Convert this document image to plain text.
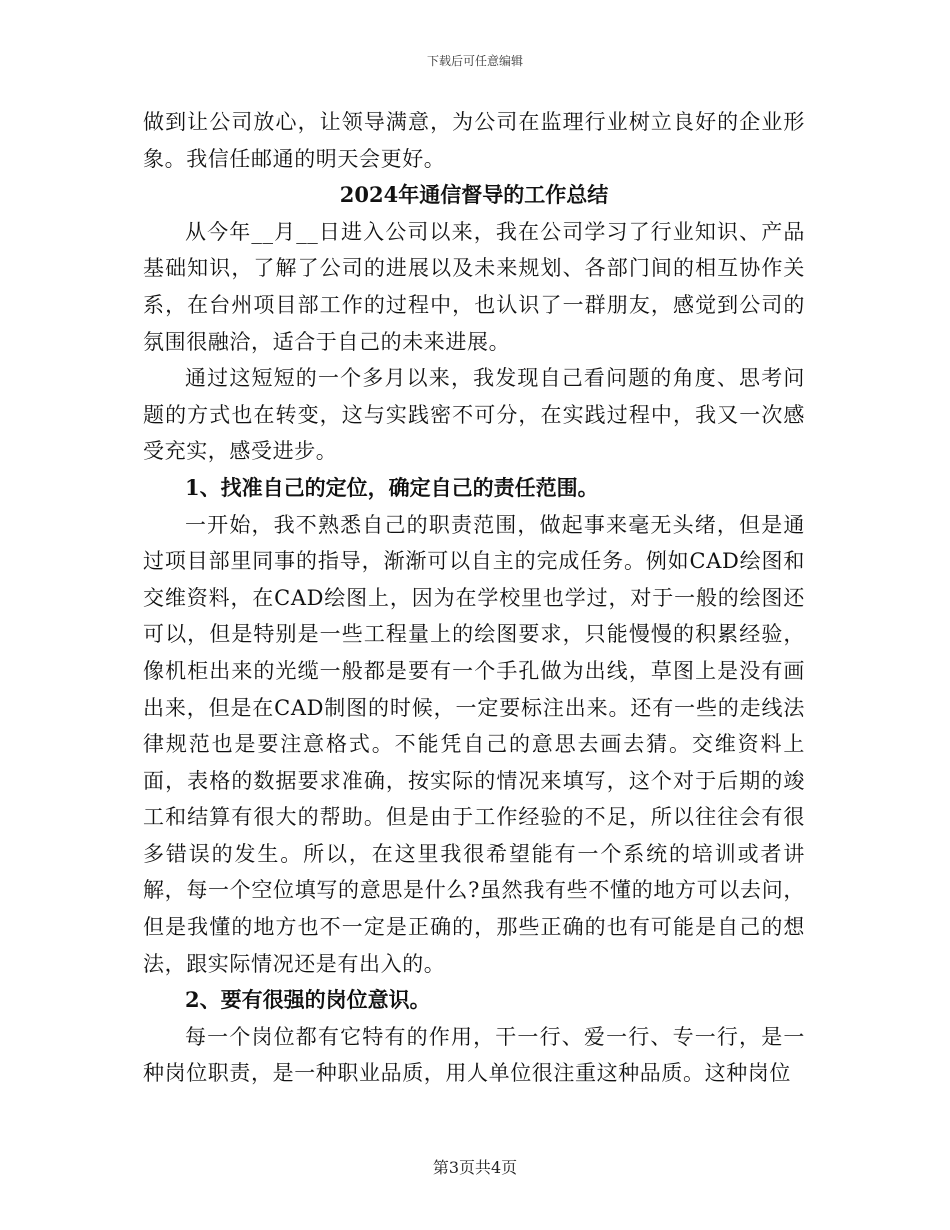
下载后可任意编辑

做到让公司放心，让领导满意，为公司在监理行业树立良好的企业形象。我信任邮通的明天会更好。

2024年通信督导的工作总结

从今年__月__日进入公司以来，我在公司学习了行业知识、产品基础知识，了解了公司的进展以及未来规划、各部门间的相互协作关系，在台州项目部工作的过程中，也认识了一群朋友，感觉到公司的氛围很融洽，适合于自己的未来进展。

通过这短短的一个多月以来，我发现自己看问题的角度、思考问题的方式也在转变，这与实践密不可分，在实践过程中，我又一次感受充实，感受进步。

1、找准自己的定位，确定自己的责任范围。

一开始，我不熟悉自己的职责范围，做起事来毫无头绪，但是通过项目部里同事的指导，渐渐可以自主的完成任务。例如CAD绘图和交维资料，在CAD绘图上，因为在学校里也学过，对于一般的绘图还可以，但是特别是一些工程量上的绘图要求，只能慢慢的积累经验，像机柜出来的光缆一般都是要有一个手孔做为出线，草图上是没有画出来，但是在CAD制图的时候，一定要标注出来。还有一些的走线法律规范也是要注意格式。不能凭自己的意思去画去猜。交维资料上面，表格的数据要求准确，按实际的情况来填写，这个对于后期的竣工和结算有很大的帮助。但是由于工作经验的不足，所以往往会有很多错误的发生。所以，在这里我很希望能有一个系统的培训或者讲解，每一个空位填写的意思是什么?虽然我有些不懂的地方可以去问，但是我懂的地方也不一定是正确的，那些正确的也有可能是自己的想法，跟实际情况还是有出入的。

2、要有很强的岗位意识。

每一个岗位都有它特有的作用，干一行、爱一行、专一行，是一种岗位职责，是一种职业品质，用人单位很注重这种品质。这种岗位

第3页共4页
